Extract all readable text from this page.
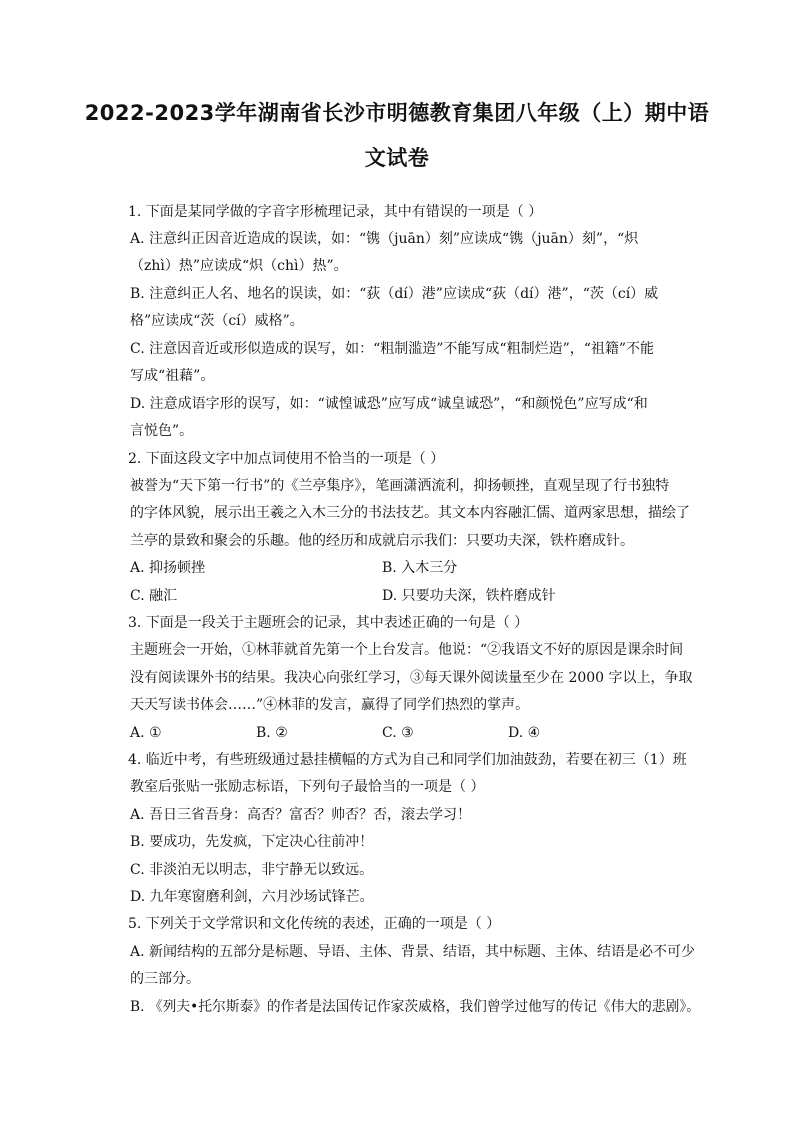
2022-2023学年湖南省长沙市明德教育集团八年级（上）期中语
文试卷
1. 下面是某同学做的字音字形梳理记录，其中有错误的一项是（ ）
A. 注意纠正因音近造成的误读，如：“镌（juān）刻”应读成“镌（juān）刻”，“炽
（zhì）热”应读成“炽（chì）热”。
B. 注意纠正人名、地名的误读，如：“荻（dí）港”应读成“荻（dí）港”，“茨（cí）威
格”应读成“茨（cí）威格”。
C. 注意因音近或形似造成的误写，如：“粗制滥造”不能写成“粗制烂造”，“祖籍”不能
写成“祖藉”。
D. 注意成语字形的误写，如：“诚惶诚恐”应写成“诚皇诚恐”，“和颜悦色”应写成“和
言悦色”。
2. 下面这段文字中加点词使用不恰当的一项是（ ）
被誉为“天下第一行书”的《兰亭集序》，笔画潇洒流利，抑扬顿挫，直观呈现了行书独特
的字体风貌，展示出王羲之入木三分的书法技艺。其文本内容融汇儒、道两家思想，描绘了
兰亭的景致和聚会的乐趣。他的经历和成就启示我们：只要功夫深，铁杵磨成针。
A. 抑扬顿挫	B. 入木三分
C. 融汇	D. 只要功夫深，铁杵磨成针
3. 下面是一段关于主题班会的记录，其中表述正确的一句是（ ）
主题班会一开始，①林菲就首先第一个上台发言。他说：“②我语文不好的原因是课余时间
没有阅读课外书的结果。我决心向张红学习，③每天课外阅读量至少在 2000 字以上，争取
天天写读书体会……”④林菲的发言，赢得了同学们热烈的掌声。
A. ①	B. ②	C. ③	D. ④
4. 临近中考，有些班级通过悬挂横幅的方式为自己和同学们加油鼓劲，若要在初三（1）班
教室后张贴一张励志标语，下列句子最恰当的一项是（ ）
A. 吾日三省吾身：高否？富否？帅否？否，滚去学习！
B. 要成功，先发疯，下定决心往前冲！
C. 非淡泊无以明志，非宁静无以致远。
D. 九年寒窗磨利剑，六月沙场试锋芒。
5. 下列关于文学常识和文化传统的表述，正确的一项是（ ）
A. 新闻结构的五部分是标题、导语、主体、背景、结语，其中标题、主体、结语是必不可少
的三部分。
B. 《列夫•托尔斯泰》的作者是法国传记作家茨威格，我们曾学过他写的传记《伟大的悲剧》。
